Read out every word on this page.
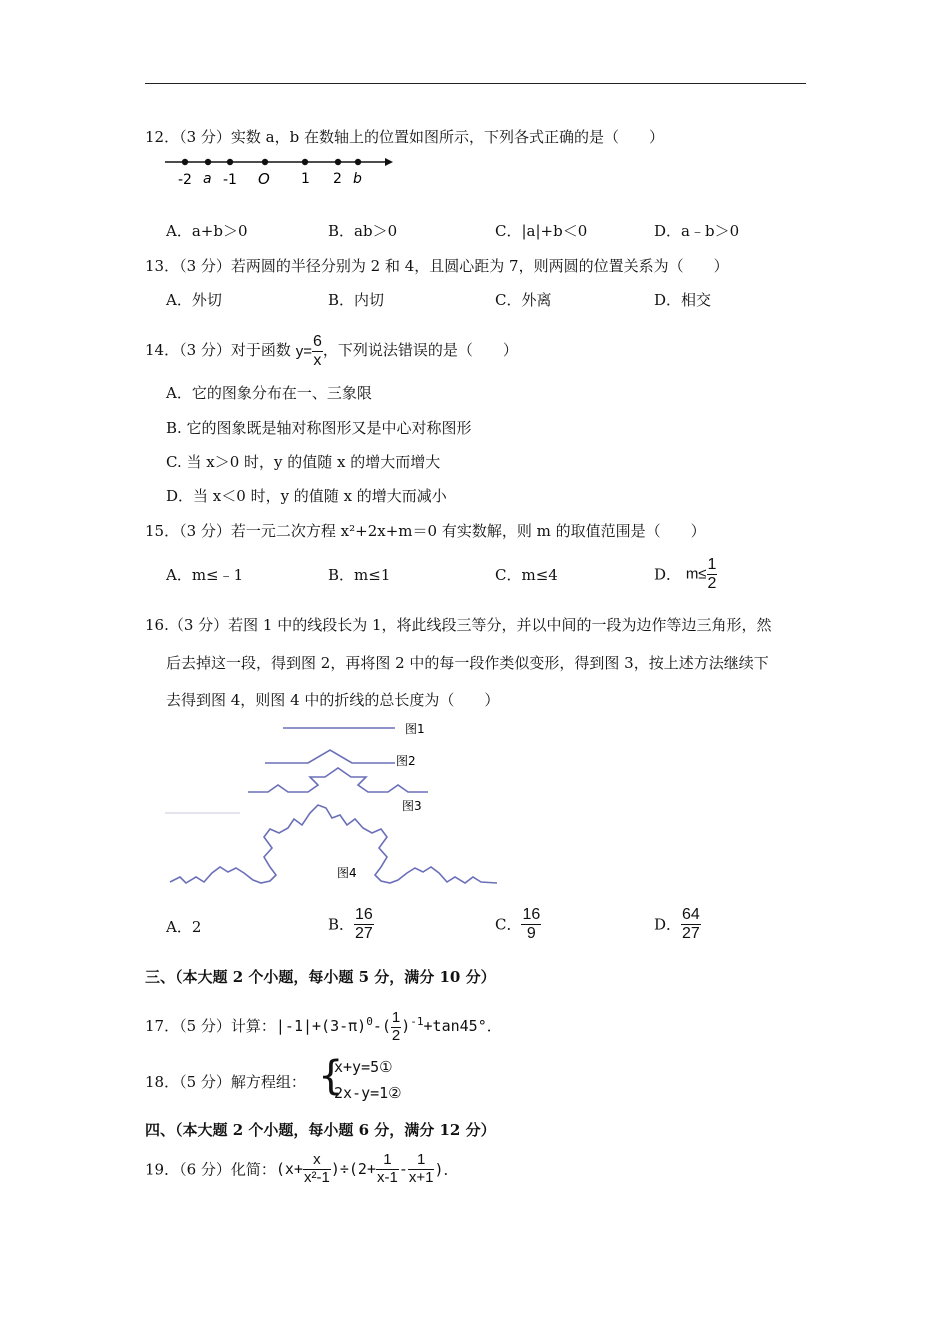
12．（3 分）实数 a，b 在数轴上的位置如图所示，下列各式正确的是（　　）
-2 a -1 O 1 2 b
A．a+b＞0	B．ab＞0	C．|a|+b＜0	D．a﹣b＞0
13．（3 分）若两圆的半径分别为 2 和 4，且圆心距为 7，则两圆的位置关系为（　　）
A．外切	B．内切	C．外离	D．相交
14．（3 分）对于函数 $y= \frac{6}{x}$ ，下列说法错误的是（　　）
A．它的图象分布在一、三象限
B. 它的图象既是轴对称图形又是中心对称图形
C. 当 x＞0 时，y 的值随 x 的增大而增大
D．当 x＜0 时，y 的值随 x 的增大而减小
15．（3 分）若一元二次方程 x²+2x+m＝0 有实数解，则 m 的取值范围是（　　）
A．m≤﹣1	B．m≤1	C．m≤4	D． $m\le \frac{1}{2}$
16.（3 分）若图 1 中的线段长为 1，将此线段三等分，并以中间的一段为边作等边三角形，然
后去掉这一段，得到图 2，再将图 2 中的每一段作类似变形，得到图 3，按上述方法继续下
去得到图 4，则图 4 中的折线的总长度为（　　）
图1
图2
图3
图4
A．2	B． $\frac{16}{27}$	C． $\frac{16}{9}$	D． $\frac{64}{27}$
三、（本大题 2 个小题，每小题 5 分，满分 10 分）
17．（5 分）计算：$|-1|+(3-\pi)^0-( \frac{1}{2} )^{-1}+\tan 45^\circ$．
18．（5 分）解方程组： {
x+y=5①
2x-y=1②
四、（本大题 2 个小题，每小题 6 分，满分 12 分）
19．（6 分）化简：$(x+ \frac{x}{\text{x²-1}} )\div(2+ \frac{1}{x-1} - \frac{1}{x+1}$ )．
